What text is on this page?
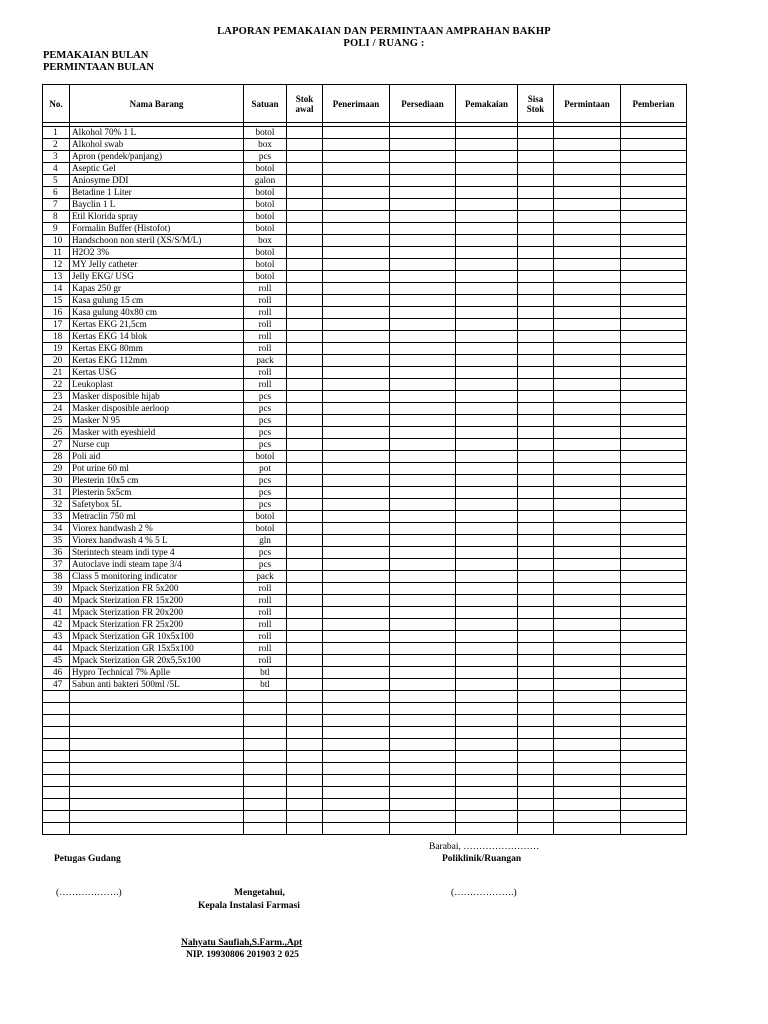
LAPORAN PEMAKAIAN DAN PERMINTAAN AMPRAHAN BAKHP
POLI / RUANG :
PEMAKAIAN BULAN
PERMINTAAN BULAN
No.	Nama Barang	Satuan	Stok awal	Penerimaan	Persediaan	Pemakaian	Sisa Stok	Permintaan	Pemberian

1	Alkohol 70% 1 L	botol							
2	Alkohol swab	box							
3	Apron (pendek/panjang)	pcs							
4	Aseptic Gel	botol							
5	Aniosyme DDI	galon							
6	Betadine 1 Liter	botol							
7	Bayclin 1 L	botol							
8	Etil Klorida spray	botol							
9	Formalin Buffer (Histofot)	botol							
10	Handschoon non steril (XS/S/M/L)	box							
11	H2O2 3%	botol							
12	MY Jelly catheter	botol							
13	Jelly EKG/ USG	botol							
14	Kapas 250 gr	roll							
15	Kasa gulung 15 cm	roll							
16	Kasa gulung 40x80 cm	roll							
17	Kertas EKG 21,5cm	roll							
18	Kertas EKG 14 blok	roll							
19	Kertas EKG 80mm	roll							
20	Kertas EKG 112mm	pack							
21	Kertas USG	roll							
22	Leukoplast	roll							
23	Masker disposible hijab	pcs							
24	Masker disposible aerloop	pcs							
25	Masker N 95	pcs							
26	Masker with eyeshield	pcs							
27	Nurse cup	pcs							
28	Poli aid	botol							
29	Pot urine 60 ml	pot							
30	Plesterin 10x5 cm	pcs							
31	Plesterin 5x5cm	pcs							
32	Safetybox 5L	pcs							
33	Metraclin 750 ml	botol							
34	Viorex handwash 2 %	botol							
35	Viorex handwash 4 % 5 L	gln							
36	Sterintech steam indi type 4	pcs							
37	Autoclave indi steam tape 3/4	pcs							
38	Class 5 monitoring indicator	pack							
39	Mpack Sterization FR 5x200	roll							
40	Mpack Sterization FR 15x200	roll							
41	Mpack Sterization FR 20x200	roll							
42	Mpack Sterization FR 25x200	roll							
43	Mpack Sterization GR 10x5x100	roll							
44	Mpack Sterization GR 15x5x100	roll							
45	Mpack Sterization GR 20x5,5x100	roll							
46	Hypro Technical 7% Aplle	btl							
47	Sabun anti bakteri 500ml /5L	btl							

Barabai, ……………………
Petugas Gudang	Poliklinik/Ruangan
(……………….)	Mengetahui,	(……………….)
Kepala Instalasi Farmasi
Nahyatu Saufiah,S.Farm.,Apt
NIP. 19930806 201903 2 025
